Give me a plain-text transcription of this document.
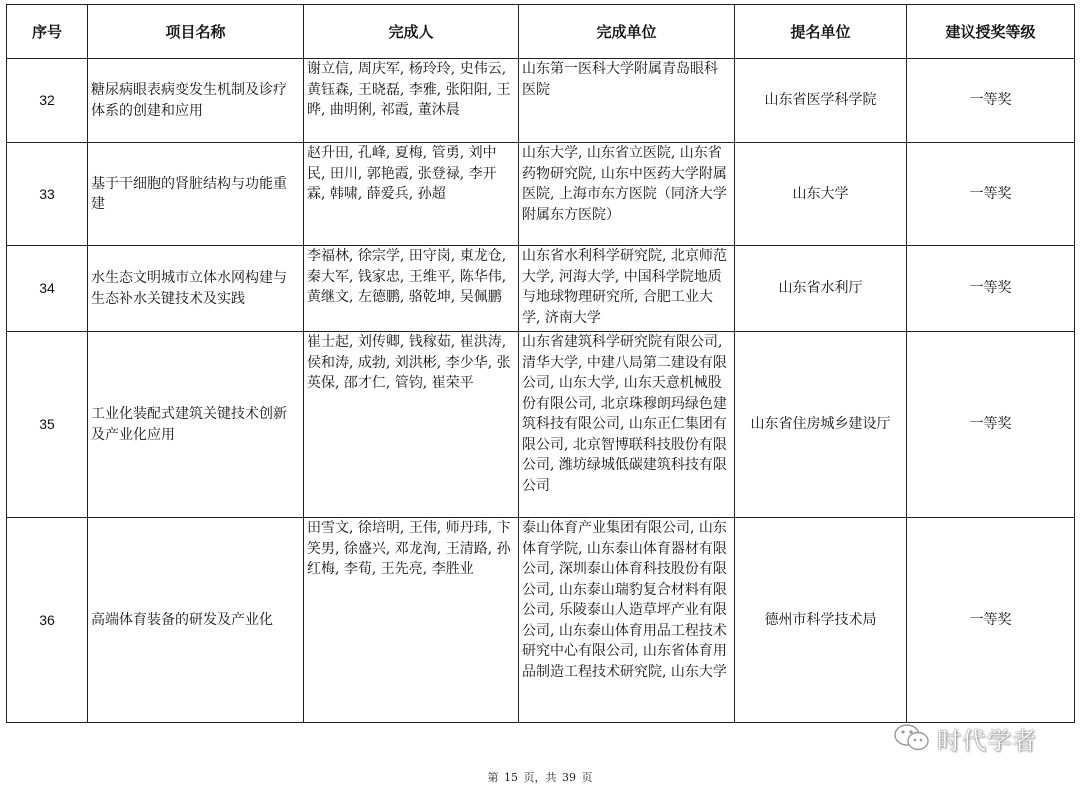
序号	项目名称	完成人	完成单位	提名单位	建议授奖等级
32	糖尿病眼表病变发生机制及诊疗体系的创建和应用	谢立信, 周庆军, 杨玲玲, 史伟云, 黄钰森, 王晓磊, 李雅, 张阳阳, 王晔, 曲明俐, 祁霞, 董沐晨	山东第一医科大学附属青岛眼科医院	山东省医学科学院	一等奖
33	基于干细胞的肾脏结构与功能重建	赵升田, 孔峰, 夏梅, 管勇, 刘中民, 田川, 郭艳霞, 张登禄, 李开霖, 韩啸, 薛爱兵, 孙超	山东大学, 山东省立医院, 山东省药物研究院, 山东中医药大学附属医院, 上海市东方医院（同济大学附属东方医院）	山东大学	一等奖
34	水生态文明城市立体水网构建与生态补水关键技术及实践	李福林, 徐宗学, 田守岗, 東龙仓, 秦大军, 钱家忠, 王维平, 陈华伟, 黄继文, 左德鹏, 骆乾坤, 吴佩鹏	山东省水利科学研究院, 北京师范大学, 河海大学, 中国科学院地质与地球物理研究所, 合肥工业大学, 济南大学	山东省水利厅	一等奖
35	工业化装配式建筑关键技术创新及产业化应用	崔士起, 刘传卿, 钱稼茹, 崔洪涛, 侯和涛, 成勃, 刘洪彬, 李少华, 张英保, 邵才仁, 管钧, 崔荣平	山东省建筑科学研究院有限公司, 清华大学, 中建八局第二建设有限公司, 山东大学, 山东天意机械股份有限公司, 北京珠穆朗玛绿色建筑科技有限公司, 山东正仁集团有限公司, 北京智博联科技股份有限公司, 潍坊绿城低碳建筑科技有限公司	山东省住房城乡建设厅	一等奖
36	高端体育装备的研发及产业化	田雪文, 徐培明, 王伟, 师丹玮, 卞笑男, 徐盛兴, 邓龙洵, 王清路, 孙红梅, 李荀, 王先亮, 李胜业	泰山体育产业集团有限公司, 山东体育学院, 山东泰山体育器材有限公司, 深圳泰山体育科技股份有限公司, 山东泰山瑞豹复合材料有限公司, 乐陵泰山人造草坪产业有限公司, 山东泰山体育用品工程技术研究中心有限公司, 山东省体育用品制造工程技术研究院, 山东大学	德州市科学技术局	一等奖
时代学者
第 15 页，共 39 页
